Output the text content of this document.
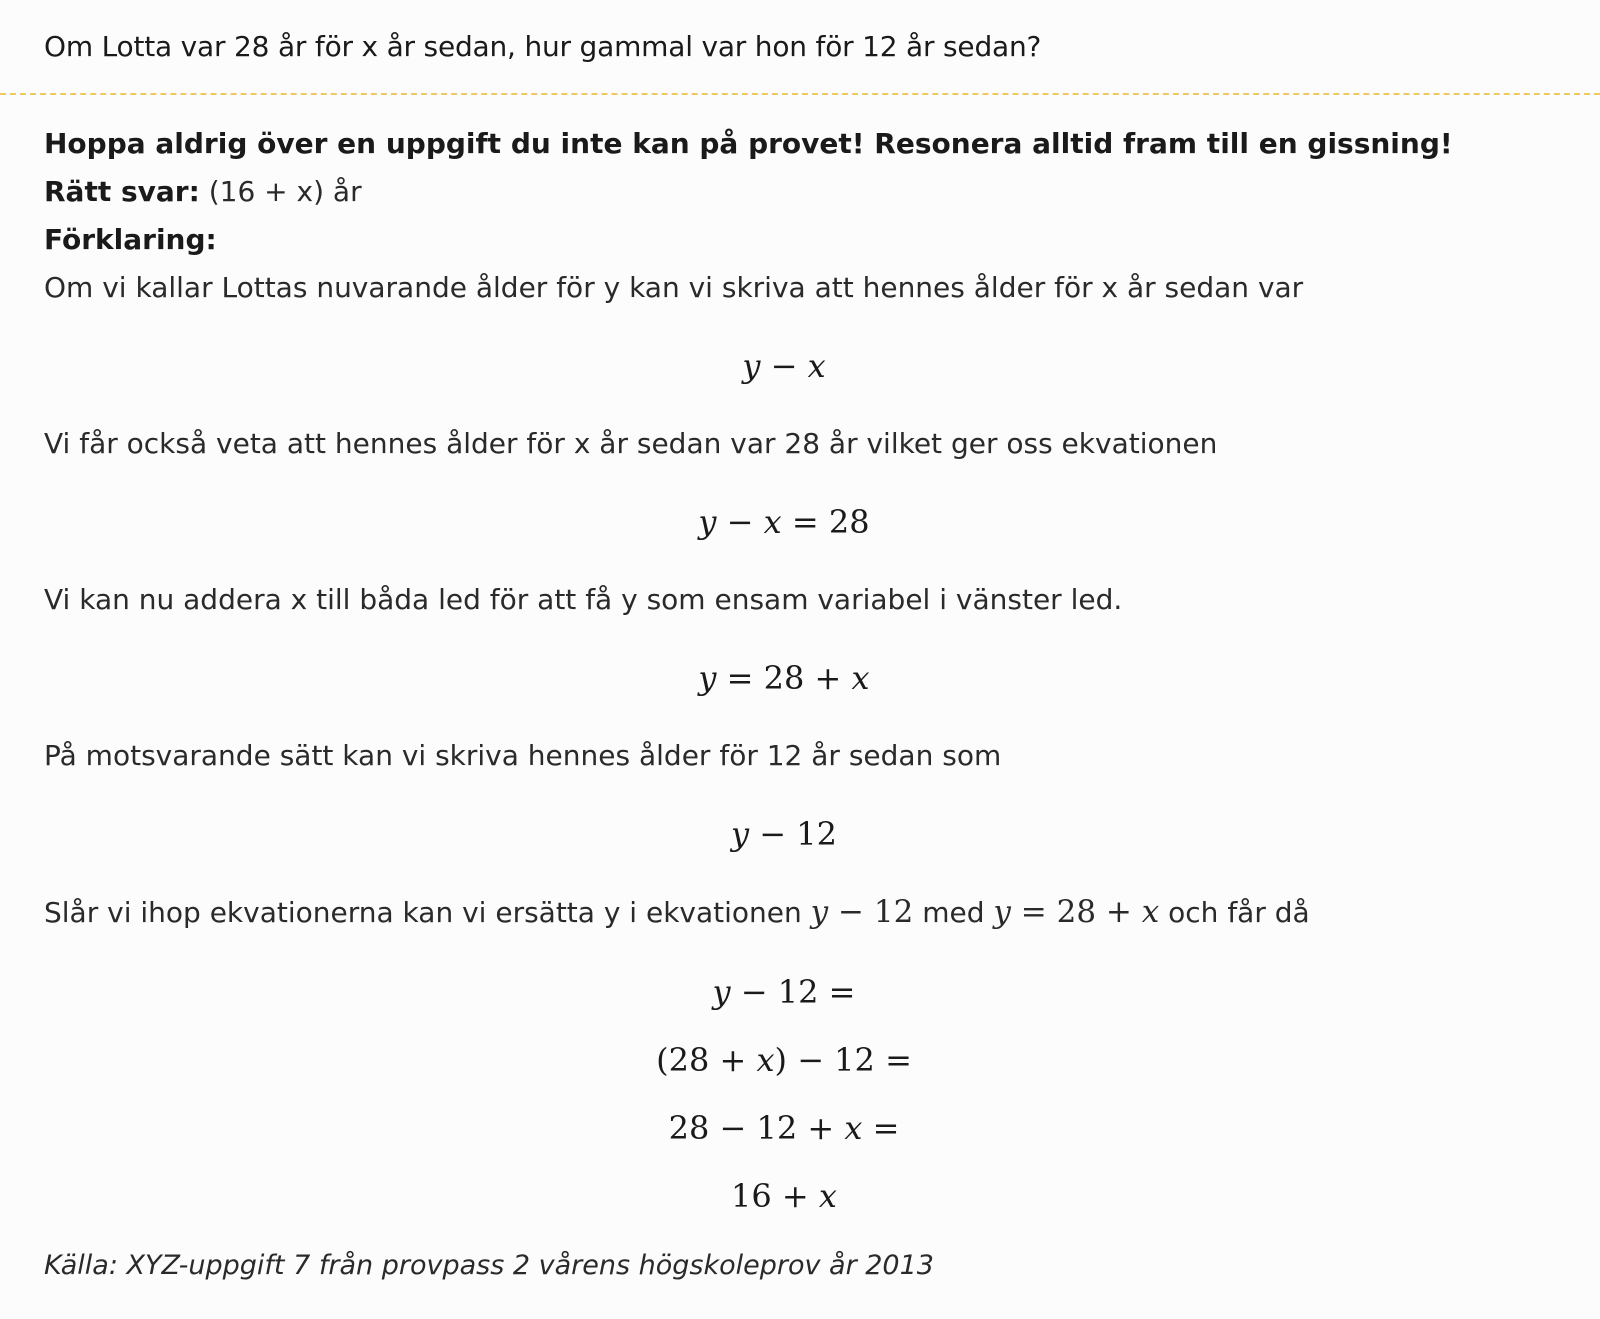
Om Lotta var 28 år för x år sedan, hur gammal var hon för 12 år sedan?
Hoppa aldrig över en uppgift du inte kan på provet! Resonera alltid fram till en gissning!
Rätt svar: (16 + x) år
Förklaring:
Om vi kallar Lottas nuvarande ålder för y kan vi skriva att hennes ålder för x år sedan var
y − x
Vi får också veta att hennes ålder för x år sedan var 28 år vilket ger oss ekvationen
y − x = 28
Vi kan nu addera x till båda led för att få y som ensam variabel i vänster led.
y = 28 + x
På motsvarande sätt kan vi skriva hennes ålder för 12 år sedan som
y − 12
Slår vi ihop ekvationerna kan vi ersätta y i ekvationen y − 12 med y = 28 + x och får då
y − 12 =
(28 + x) − 12 =
28 − 12 + x =
16 + x
Källa: XYZ-uppgift 7 från provpass 2 vårens högskoleprov år 2013
